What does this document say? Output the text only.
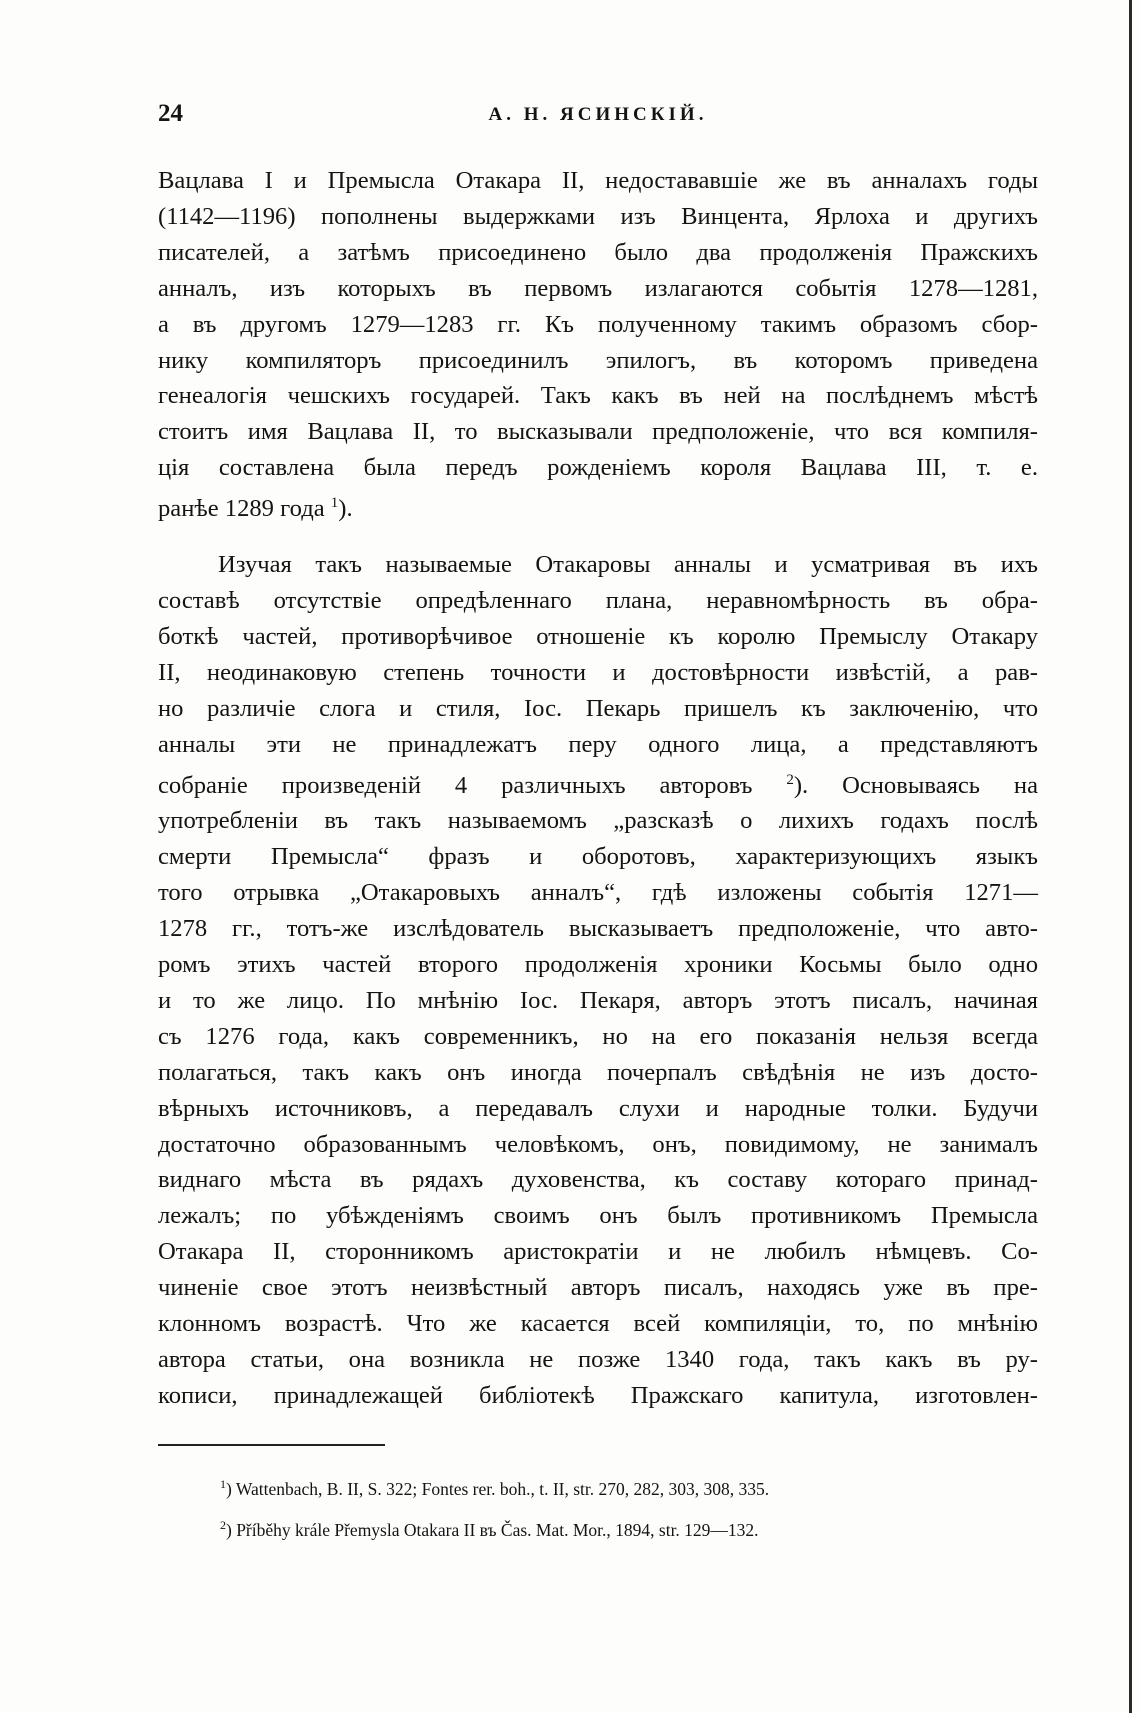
24	А. Н. ЯСИНСКІЙ.
Вацлава I и Премысла Отакара II, недостававшіе же въ анналахъ годы
(1142—1196) пополнены выдержками изъ Винцента, Ярлоха и другихъ
писателей, а затѣмъ присоединено было два продолженія Пражскихъ
анналъ, изъ которыхъ въ первомъ излагаются событія 1278—1281,
а въ другомъ 1279—1283 гг. Къ полученному такимъ образомъ сбор-
нику компиляторъ присоединилъ эпилогъ, въ которомъ приведена
генеалогія чешскихъ государей. Такъ какъ въ ней на послѣднемъ мѣстѣ
стоитъ имя Вацлава II, то высказывали предположеніе, что вся компиля-
ція составлена была передъ рожденіемъ короля Вацлава III, т. е.
ранѣе 1289 года $^1$).
Изучая такъ называемые Отакаровы анналы и усматривая въ ихъ
составѣ отсутствіе опредѣленнаго плана, неравномѣрность въ обра-
боткѣ частей, противорѣчивое отношеніе къ королю Премыслу Отакару
II, неодинаковую степень точности и достовѣрности извѣстій, а рав-
но различіе слога и стиля, Іос. Пекарь пришелъ къ заключенію, что
анналы эти не принадлежатъ перу одного лица, а представляютъ
собраніе произведеній 4 различныхъ авторовъ $^2$). Основываясь на
употребленіи въ такъ называемомъ „разсказѣ о лихихъ годахъ послѣ
смерти Премысла“ фразъ и оборотовъ, характеризующихъ языкъ
того отрывка „Отакаровыхъ анналъ“, гдѣ изложены событія 1271—
1278 гг., тотъ-же изслѣдователь высказываетъ предположеніе, что авто-
ромъ этихъ частей второго продолженія хроники Косьмы было одно
и то же лицо. По мнѣнію Іос. Пекаря, авторъ этотъ писалъ, начиная
съ 1276 года, какъ современникъ, но на его показанія нельзя всегда
полагаться, такъ какъ онъ иногда почерпалъ свѣдѣнія не изъ досто-
вѣрныхъ источниковъ, а передавалъ слухи и народные толки. Будучи
достаточно образованнымъ человѣкомъ, онъ, повидимому, не занималъ
виднаго мѣста въ рядахъ духовенства, къ составу котораго принад-
лежалъ; по убѣжденіямъ своимъ онъ былъ противникомъ Премысла
Отакара II, сторонникомъ аристократіи и не любилъ нѣмцевъ. Со-
чиненіе свое этотъ неизвѣстный авторъ писалъ, находясь уже въ пре-
клонномъ возрастѣ. Что же касается всей компиляціи, то, по мнѣнію
автора статьи, она возникла не позже 1340 года, такъ какъ въ ру-
кописи, принадлежащей библіотекѣ Пражскаго капитула, изготовлен-
$^1$) Wattenbach, B. II, S. 322; Fontes rer. boh., t. II, str. 270, 282, 303, 308, 335.
$^2$) Příběhy krále Přemysla Otakara II въ Čas. Mat. Mor., 1894, str. 129—132.
